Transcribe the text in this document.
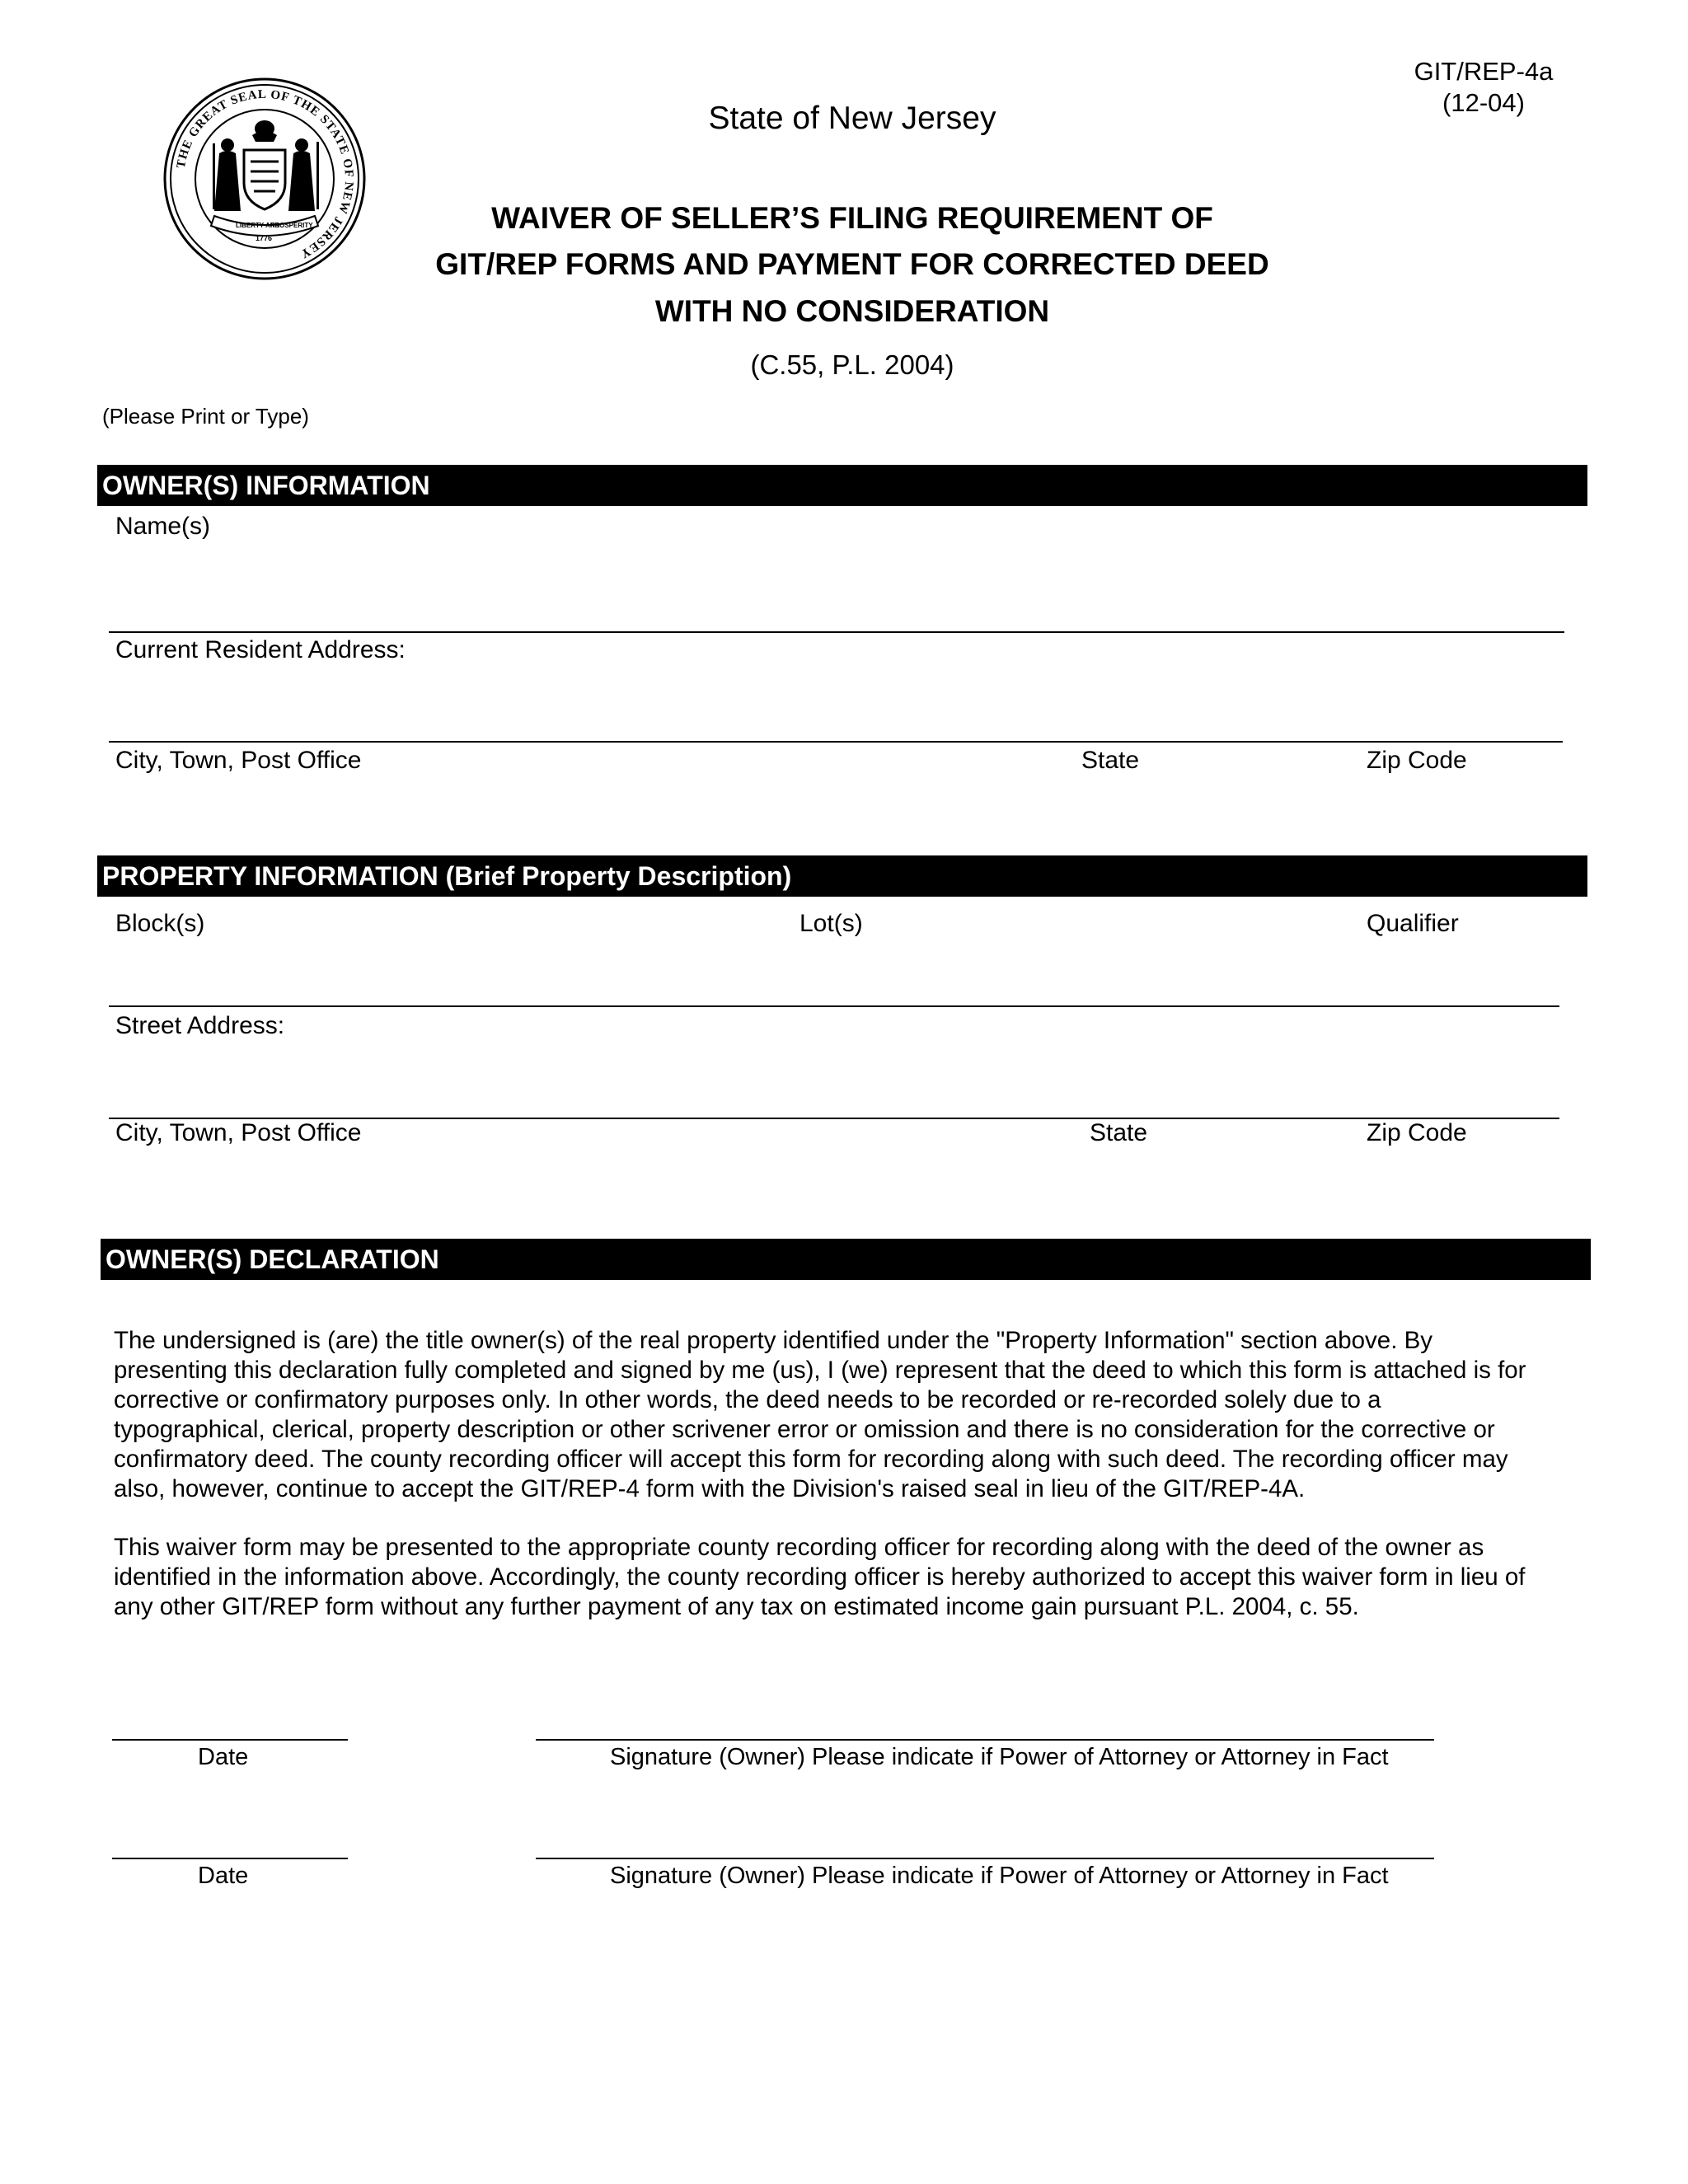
THE GREAT SEAL OF THE STATE OF NEW JERSEY
LIBERTY AND
PROSPERITY
1776
GIT/REP-4a
(12-04)
State of New Jersey
WAIVER OF SELLER’S FILING REQUIREMENT OF
GIT/REP FORMS AND PAYMENT FOR CORRECTED DEED
WITH NO CONSIDERATION
(C.55, P.L. 2004)
(Please Print or Type)
OWNER(S) INFORMATION
Name(s)
Current Resident Address:
City, Town, Post Office	State	Zip Code
PROPERTY INFORMATION (Brief Property Description)
Block(s)	Lot(s)	Qualifier
Street Address:
City, Town, Post Office	State	Zip Code
OWNER(S) DECLARATION
The undersigned is (are) the title owner(s) of the real property identified under the "Property Information" section above. By
presenting this declaration fully completed and signed by me (us), I (we) represent that the deed to which this form is attached is for
corrective or confirmatory purposes only. In other words, the deed needs to be recorded or re-recorded solely due to a
typographical, clerical, property description or other scrivener error or omission and there is no consideration for the corrective or
confirmatory deed. The county recording officer will accept this form for recording along with such deed. The recording officer may
also, however, continue to accept the GIT/REP-4 form with the Division's raised seal in lieu of the GIT/REP-4A.
This waiver form may be presented to the appropriate county recording officer for recording along with the deed of the owner as
identified in the information above. Accordingly, the county recording officer is hereby authorized to accept this waiver form in lieu of
any other GIT/REP form without any further payment of any tax on estimated income gain pursuant P.L. 2004, c. 55.
Date	Signature (Owner) Please indicate if Power of Attorney or Attorney in Fact
Date	Signature (Owner) Please indicate if Power of Attorney or Attorney in Fact
